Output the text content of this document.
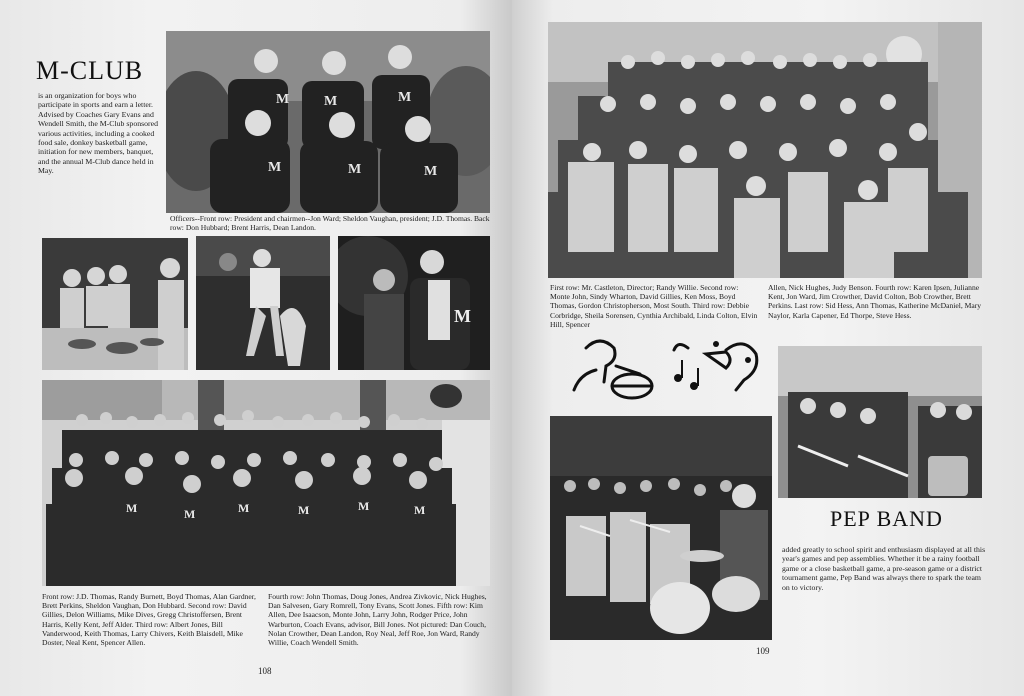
M-CLUB
is an organization for boys who participate in sports and earn a letter. Advised by Coaches Gary Evans and Wendell Smith, the M-Club sponsored various activities, including a cooked food sale, donkey basketball game, initiation for new members, banquet, and the annual M-Club dance held in May.
M M	M
M	M	M
Officers--Front row: President and chairmen--Jon Ward; Sheldon Vaughan, president; J.D. Thomas. Back row: Don Hubbard; Brent Harris, Dean Landon.
M
M	M	M	M	M	M
Front row: J.D. Thomas, Randy Burnett, Boyd Thomas, Alan Gardner, Brett Perkins, Sheldon Vaughan, Don Hubbard. Second row: David Gillies, Delon Williams, Mike Dives, Gregg Christoffersen, Brent Harris, Kelly Kent, Jeff Alder. Third row: Albert Jones, Bill Vanderwood, Keith Thomas, Larry Chivers, Keith Blaisdell, Mike Doster, Neal Kent, Spencer Allen.
Fourth row: John Thomas, Doug Jones, Andrea Zivkovic, Nick Hughes, Dan Salvesen, Gary Romrell, Tony Evans, Scott Jones. Fifth row: Kim Allen, Dee Isaacson, Monte John, Larry John, Rodger Price, John Warburton, Coach Evans, advisor, Bill Jones. Not pictured: Dan Couch, Nolan Crowther, Dean Landon, Roy Neal, Jeff Roe, Jon Ward, Randy Willie, Coach Wendell Smith.
108
First row: Mr. Castleton, Director; Randy Willie. Second row: Monte John, Sindy Wharton, David Gillies, Ken Moss, Boyd Thomas, Gordon Christopherson, Most South. Third row: Debbie Corbridge, Sheila Sorensen, Cynthia Archibald, Linda Colton, Elvin Hill, Spencer
Allen, Nick Hughes, Judy Benson. Fourth row: Karen Ipsen, Julianne Kent, Jon Ward, Jim Crowther, David Colton, Bob Crowther, Brett Perkins. Last row: Sid Hess, Ann Thomas, Katherine McDaniel, Mary Naylor, Karla Capener, Ed Thorpe, Steve Hess.
PEP BAND
added greatly to school spirit and enthusiasm displayed at all this year's games and pep assemblies. Whether it be a rainy football game or a close basketball game, a pre-season game or a district tournament game, Pep Band was always there to spark the team on to victory.
109
